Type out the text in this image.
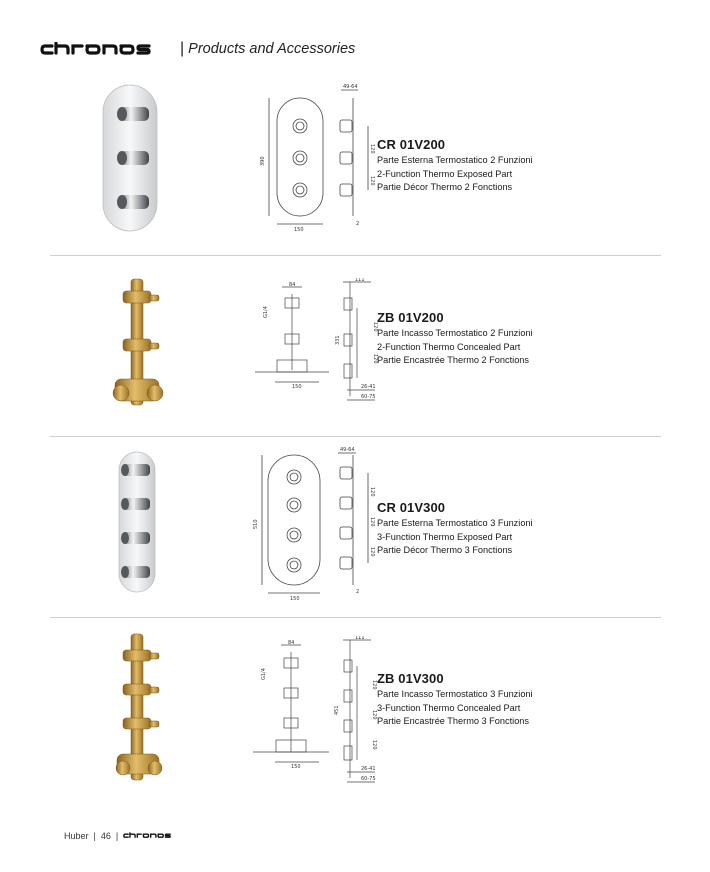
| Products and Accessories
390
150
49-64
120
120
2
CR 01V200
Parte Esterna Termostatico 2 Funzioni
2-Function Thermo Exposed Part
Partie Décor Thermo 2 Fonctions
84
150
111
331
120
120
26-41
60-75
G1/4	ZB 01V200
Parte Incasso Termostatico 2 Funzioni
2-Function Thermo Concealed Part
Partie Encastrée Thermo 2 Fonctions
510
150
49-64
120
120
120
2
CR 01V300
Parte Esterna Termostatico 3 Funzioni
3-Function Thermo Exposed Part
Partie Décor Thermo 3 Fonctions
84
150
111
451
120
120
120
26-41
60-75
G1/4	ZB 01V300
Parte Incasso Termostatico 3 Funzioni
3-Function Thermo Concealed Part
Partie Encastrée Thermo 3 Fonctions
Huber | 46 |
